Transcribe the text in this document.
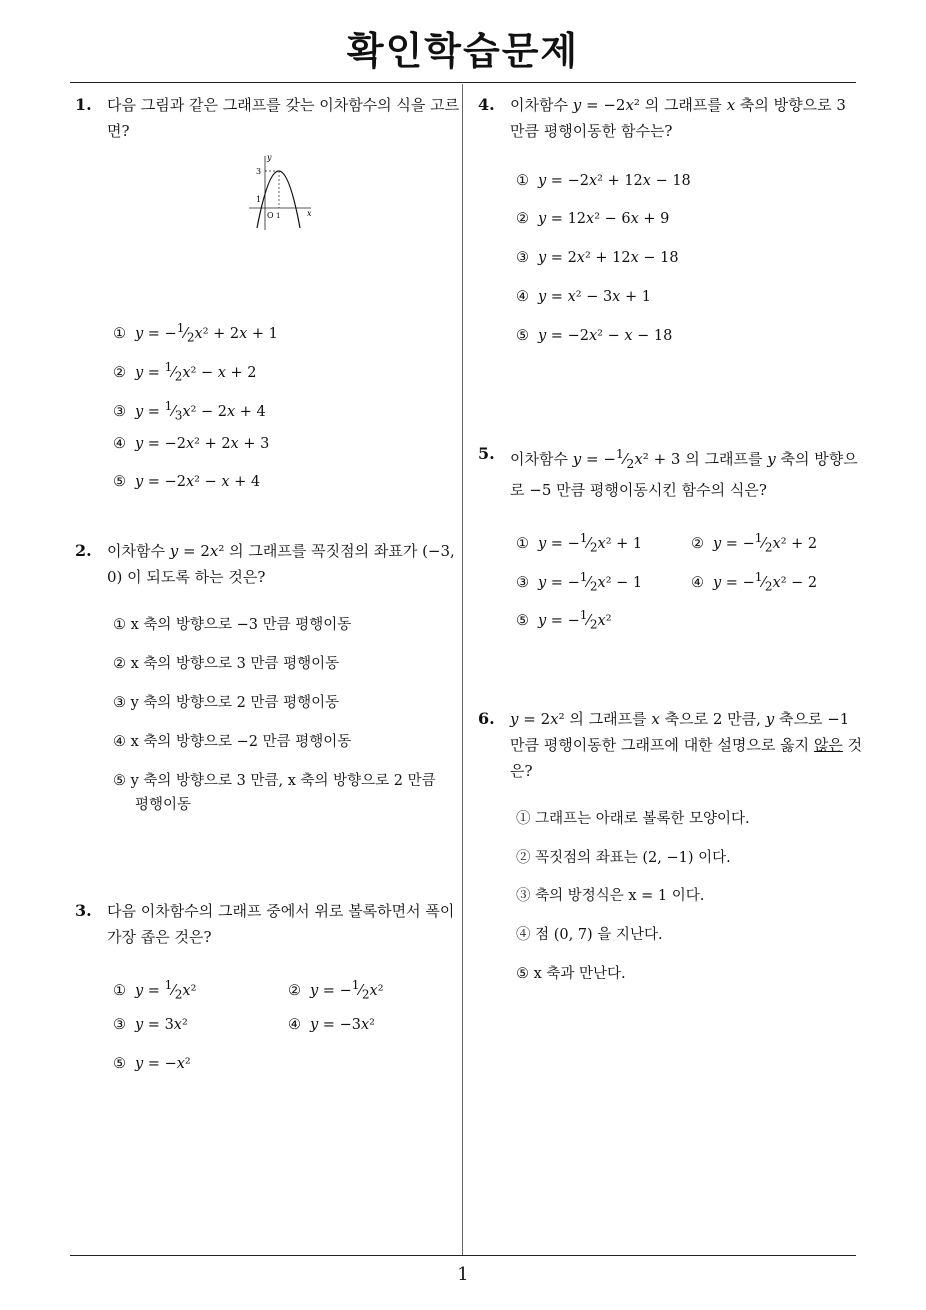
확인학습문제
1
1. 다음 그림과 같은 그래프를 갖는 이차함수의 식을 고르면?
y
x
3
1
O 1
① $y = -^1⁄_2x^2 + 2x + 1$
② $y = ^1⁄_2x^2 - x + 2$
③ $y = ^1⁄_3x^2 - 2x + 4$
④ y = −2x² + 2x + 3
⑤ y = −2x² − x + 4
2. 이차함수 y = 2x² 의 그래프를 꼭짓점의 좌표가 (−3, 0) 이 되도록 하는 것은?
① x 축의 방향으로 −3 만큼 평행이동
② x 축의 방향으로 3 만큼 평행이동
③ y 축의 방향으로 2 만큼 평행이동
④ x 축의 방향으로 −2 만큼 평행이동
⑤ y 축의 방향으로 3 만큼, x 축의 방향으로 2 만큼
평행이동
3. 다음 이차함수의 그래프 중에서 위로 볼록하면서 폭이 가장 좁은 것은?
① $y = ^1⁄_2x^2$	② $y = -^1⁄_2x^2$
③ y = 3x²	④ y = −3x²
⑤ y = −x²
4. 이차함수 y = −2x² 의 그래프를 x 축의 방향으로 3 만큼 평행이동한 함수는?
① y = −2x² + 12x − 18
② y = 12x² − 6x + 9
③ y = 2x² + 12x − 18
④ y = x² − 3x + 1
⑤ y = −2x² − x − 18
5. 이차함수 $y = -^1⁄_2x^2 + 3$ 의 그래프를 y 축의 방향으로 −5 만큼 평행이동시킨 함수의 식은?
① $y = -^1⁄_2x^2 + 1$	② $y = -^1⁄_2x^2 + 2$
③ $y = -^1⁄_2x^2 - 1$	④ $y = -^1⁄_2x^2 - 2$
⑤ $y = -^1⁄_2x^2$
6. y = 2x² 의 그래프를 x 축으로 2 만큼, y 축으로 −1 만큼 평행이동한 그래프에 대한 설명으로 옳지 않은 것은?
① 그래프는 아래로 볼록한 모양이다.
② 꼭짓점의 좌표는 (2, −1) 이다.
③ 축의 방정식은 x = 1 이다.
④ 점 (0, 7) 을 지난다.
⑤ x 축과 만난다.
